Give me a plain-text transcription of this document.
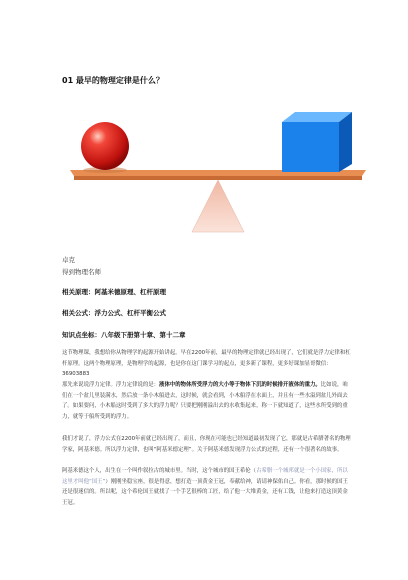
01 最早的物理定律是什么？
卓克
得到物理名师
相关原理：阿基米德原理、杠杆原理
相关公式：浮力公式、杠杆平衡公式
知识点坐标：八年级下册第十章、第十二章
这节物理课，我想给你从物理学的起源开始讲起。早在2200年前，最早的物理定律就已经出现了，它们就是浮力定律和杠杆原理。这两个物理原理，是物理学的起源，也是你在这门课学习的起点，更多新了课程，更多好课加显哥微信：36903883
那先来说说浮力定律。浮力定律说的是：液体中的物体所受浮力的大小等于物体下沉的时候排开液体的重力。比如说，咱们在一个盆儿里装满水，然后放一条小木船进去，这时候，就会看到，小木船浮在水面上，并且有一些水溢到盆儿外面去了。如果要问，小木船这时受到了多大的浮力呢？只要把刚刚溢出去的水收集起来，称一下就知道了，这些水所受到的重力，就等于船所受到的浮力。
我们才说了，浮力公式在2200年前就已经出现了，而且，你现在可能也已经知道最初发现了它，那就是古希腊著名的物理学家，阿基米德。所以浮力定律，也叫“阿基米德定理”。关于阿基米德发现浮力公式的过程，还有一个很著名的故事。
阿基米德这个人，出生在一个叫作叙拉古的城市里。当时，这个城市的国王希伦（古希腊一个城邦就是一个小国家，所以这里才叫他“国王”）刚刚坐稳宝座，很是得意，想打造一顶黄金王冠，奉献给神，请请神保佑自己。你看，那时候的国王还是很迷信的。所以呢，这个希伦国王就找了一个手艺很棒的工匠，给了他一大堆黄金，还有工钱，让他来打造这顶黄金王冠。
